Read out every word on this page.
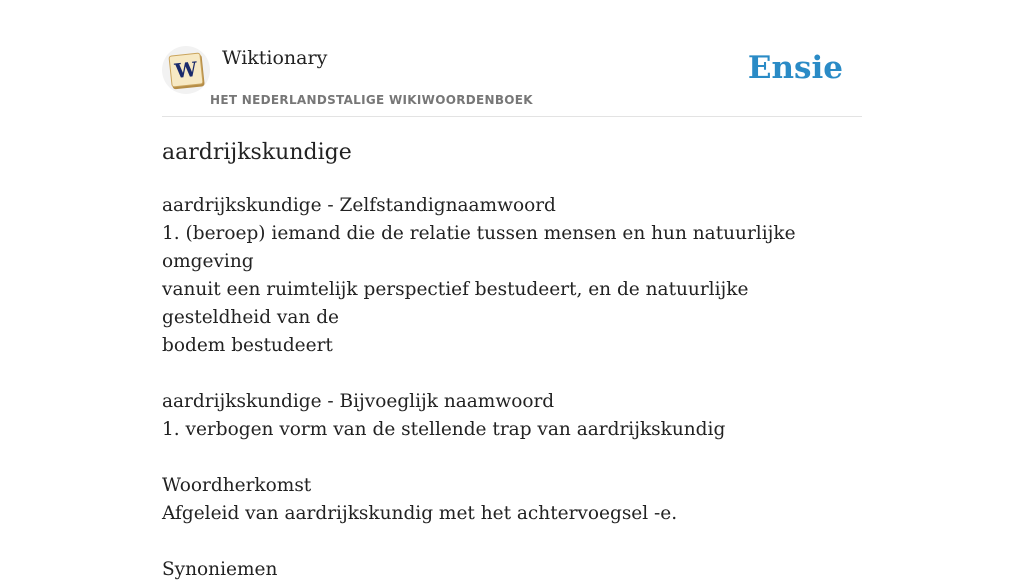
W Wiktionary
HET NEDERLANDSTALIGE WIKIWOORDENBOEK
Ensie
aardrijkskundige
aardrijkskundige - Zelfstandignaamwoord
1. (beroep) iemand die de relatie tussen mensen en hun natuurlijke omgeving
vanuit een ruimtelijk perspectief bestudeert, en de natuurlijke gesteldheid van de
bodem bestudeert
aardrijkskundige - Bijvoeglijk naamwoord
1. verbogen vorm van de stellende trap van aardrijkskundig
Woordherkomst
Afgeleid van aardrijkskundig met het achtervoegsel -e.
Synoniemen
